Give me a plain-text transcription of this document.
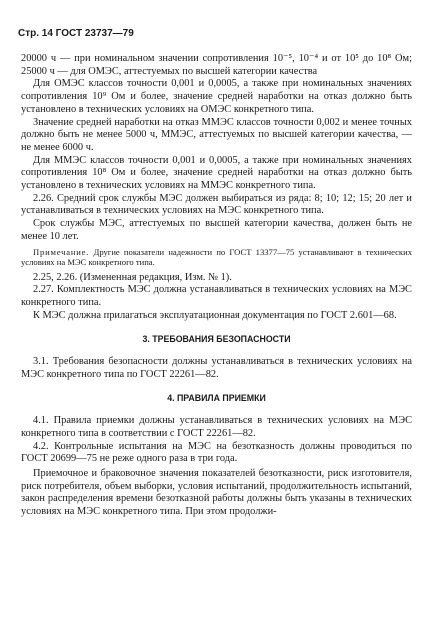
Стр. 14 ГОСТ 23737—79

20000 ч — при номинальном значении сопротивления 10⁻⁵, 10⁻⁴ и от 10⁵ до 10⁸ Ом; 25000 ч — для ОМЭС, аттестуемых по высшей категории качества

Для ОМЭС классов точности 0,001 и 0,0005, а также при номинальных значениях сопротивления 10⁹ Ом и более, значение средней наработки на отказ должно быть установлено в технических условиях на ОМЭС конкретного типа.

Значение средней наработки на отказ ММЭС классов точности 0,002 и менее точных должно быть не менее 5000 ч, ММЭС, аттестуемых по высшей категории качества, — не менее 6000 ч.

Для ММЭС классов точности 0,001 и 0,0005, а также при номинальных значениях сопротивления 10⁸ Ом и более, значение средней наработки на отказ должно быть установлено в технических условиях на ММЭС конкретного типа.

2.26. Средний срок службы МЭС должен выбираться из ряда: 8; 10; 12; 15; 20 лет и устанавливаться в технических условиях на МЭС конкретного типа.

Срок службы МЭС, аттестуемых по высшей категории качества, должен быть не менее 10 лет.

Примечание. Другие показатели надежности по ГОСТ 13377—75 устанавливают в технических условиях на МЭС конкретного типа.

2.25, 2.26. (Измененная редакция, Изм. № 1).

2.27. Комплектность МЭС должна устанавливаться в технических условиях на МЭС конкретного типа.

К МЭС должна прилагаться эксплуатационная документация по ГОСТ 2.601—68.

3. ТРЕБОВАНИЯ БЕЗОПАСНОСТИ

3.1. Требования безопасности должны устанавливаться в технических условиях на МЭС конкретного типа по ГОСТ 22261—82.

4. ПРАВИЛА ПРИЕМКИ

4.1. Правила приемки должны устанавливаться в технических условиях на МЭС конкретного типа в соответствии с ГОСТ 22261—82.

4.2. Контрольные испытания на МЭС на безотказность должны проводиться по ГОСТ 20699—75 не реже одного раза в три года.

Приемочное и браковочное значения показателей безотказности, риск изготовителя, риск потребителя, объем выборки, условия испытаний, продолжительность испытаний, закон распределения времени безотказной работы должны быть указаны в технических условиях на МЭС конкретного типа. При этом продолжи-
